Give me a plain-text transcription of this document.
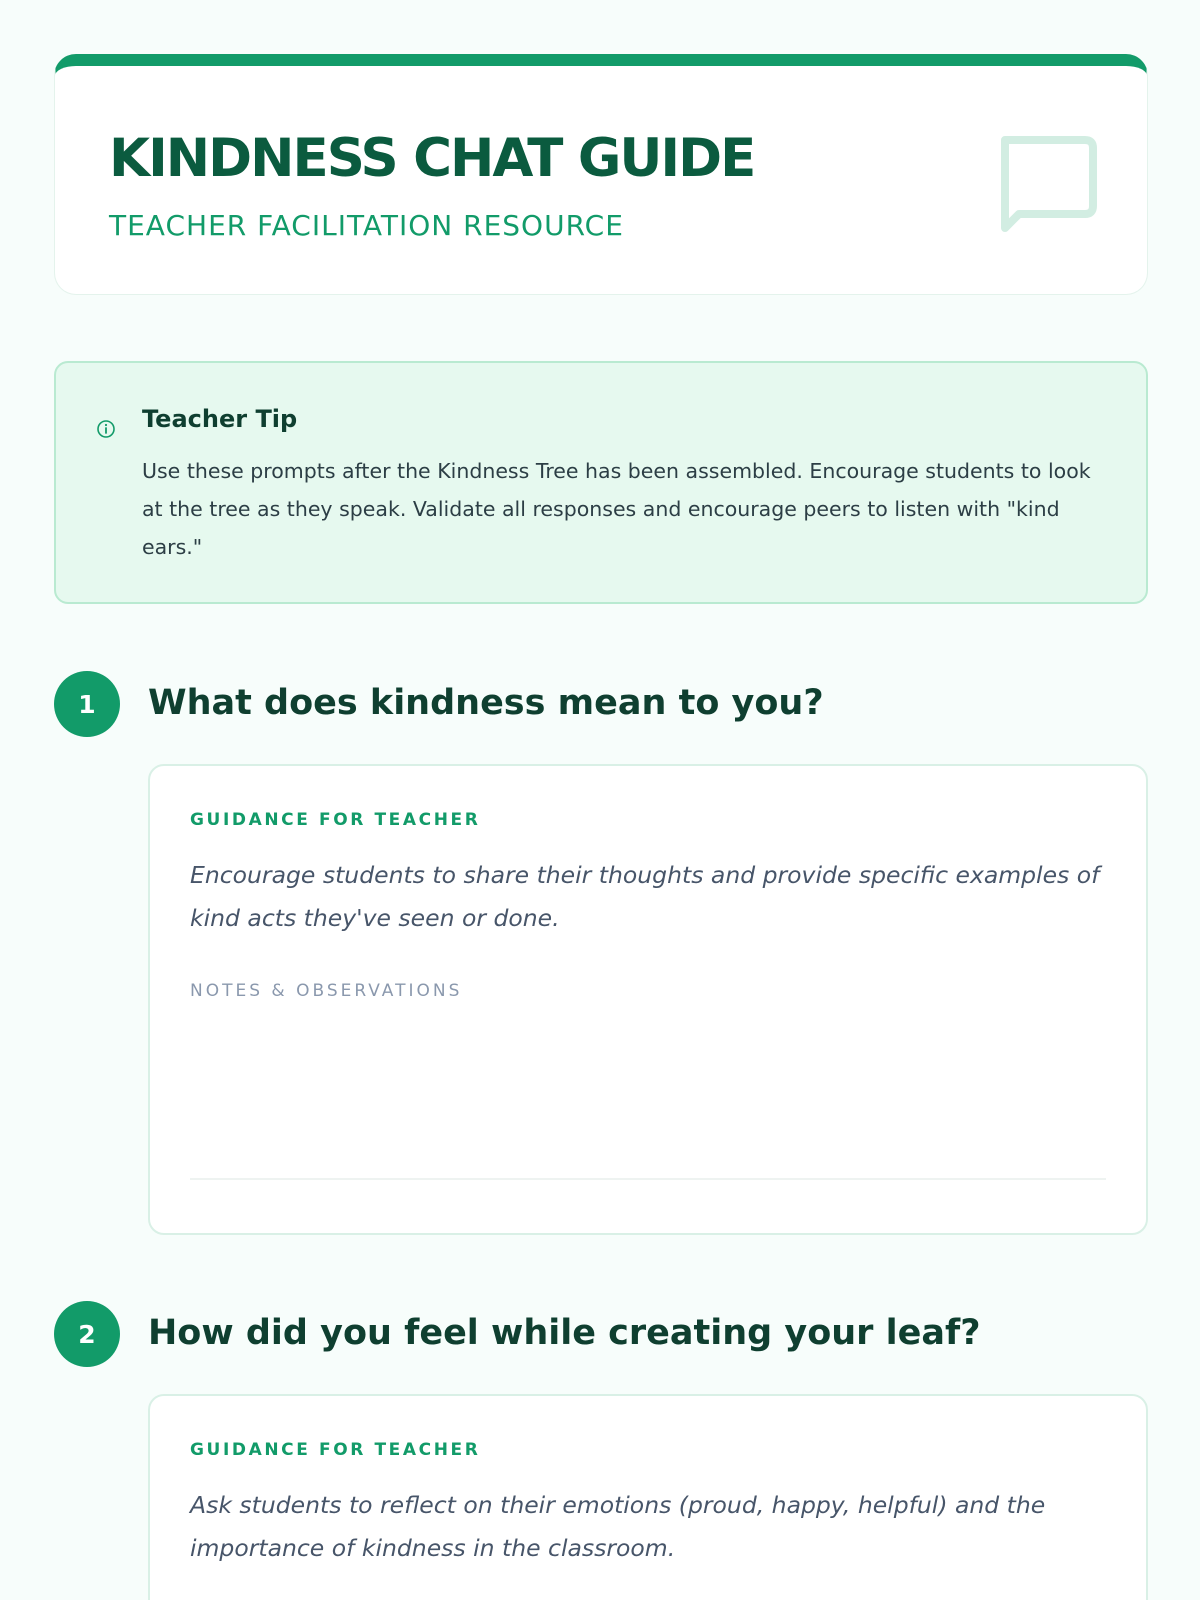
KINDNESS CHAT GUIDE
TEACHER FACILITATION RESOURCE
Teacher Tip

Use these prompts after the Kindness Tree has been assembled. Encourage students to look at the tree as they speak. Validate all responses and encourage peers to listen with "kind ears."

1	What does kindness mean to you?
GUIDANCE FOR TEACHER

Encourage students to share their thoughts and provide specific examples of kind acts they've seen or done.

NOTES & OBSERVATIONS
2	How did you feel while creating your leaf?
GUIDANCE FOR TEACHER

Ask students to reflect on their emotions (proud, happy, helpful) and the importance of kindness in the classroom.
